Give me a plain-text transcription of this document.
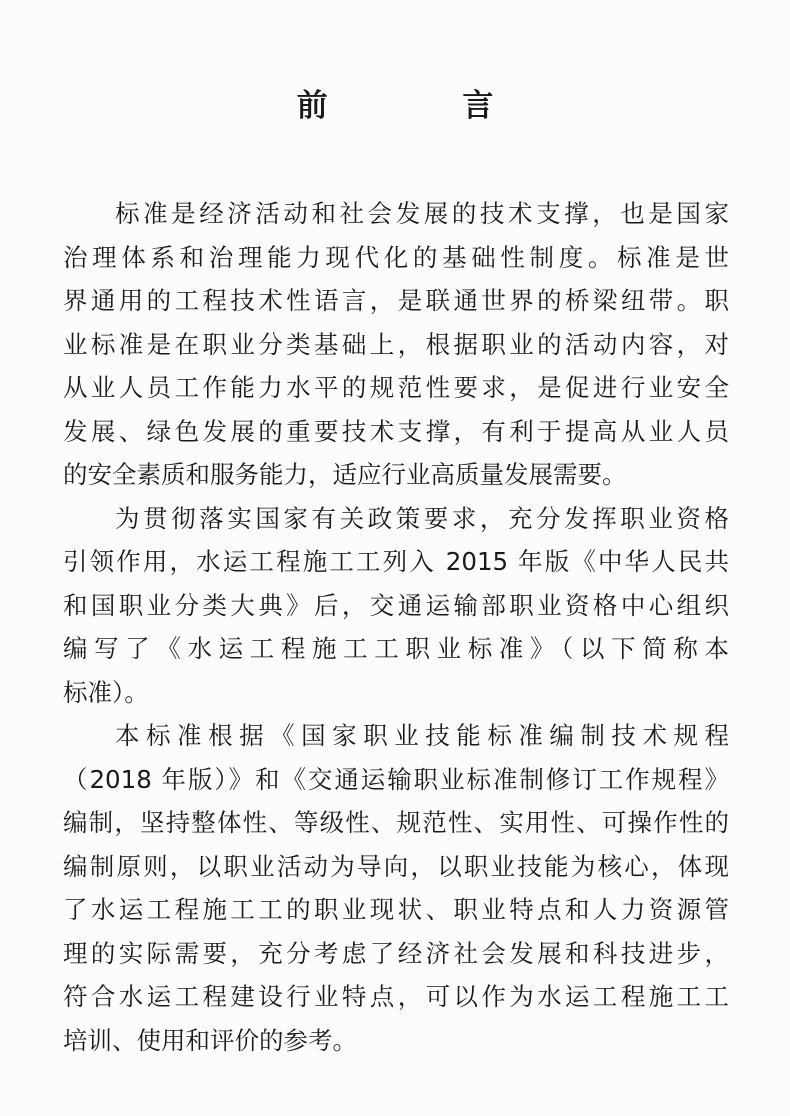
前 言
标准是经济活动和社会发展的技术支撑，也是国家
治理体系和治理能力现代化的基础性制度。标准是世
界通用的工程技术性语言，是联通世界的桥梁纽带。职
业标准是在职业分类基础上，根据职业的活动内容，对
从业人员工作能力水平的规范性要求，是促进行业安全
发展、绿色发展的重要技术支撑，有利于提高从业人员
的安全素质和服务能力，适应行业高质量发展需要。
为贯彻落实国家有关政策要求，充分发挥职业资格
引领作用，水运工程施工工列入 2015 年版《中华人民共
和国职业分类大典》后，交通运输部职业资格中心组织
编写了《水运工程施工工职业标准》（以下简称本
标准）。
本标准根据《国家职业技能标准编制技术规程
（2018 年版）》和《交通运输职业标准制修订工作规程》
编制，坚持整体性、等级性、规范性、实用性、可操作性的
编制原则，以职业活动为导向，以职业技能为核心，体现
了水运工程施工工的职业现状、职业特点和人力资源管
理的实际需要，充分考虑了经济社会发展和科技进步，
符合水运工程建设行业特点，可以作为水运工程施工工
培训、使用和评价的参考。
